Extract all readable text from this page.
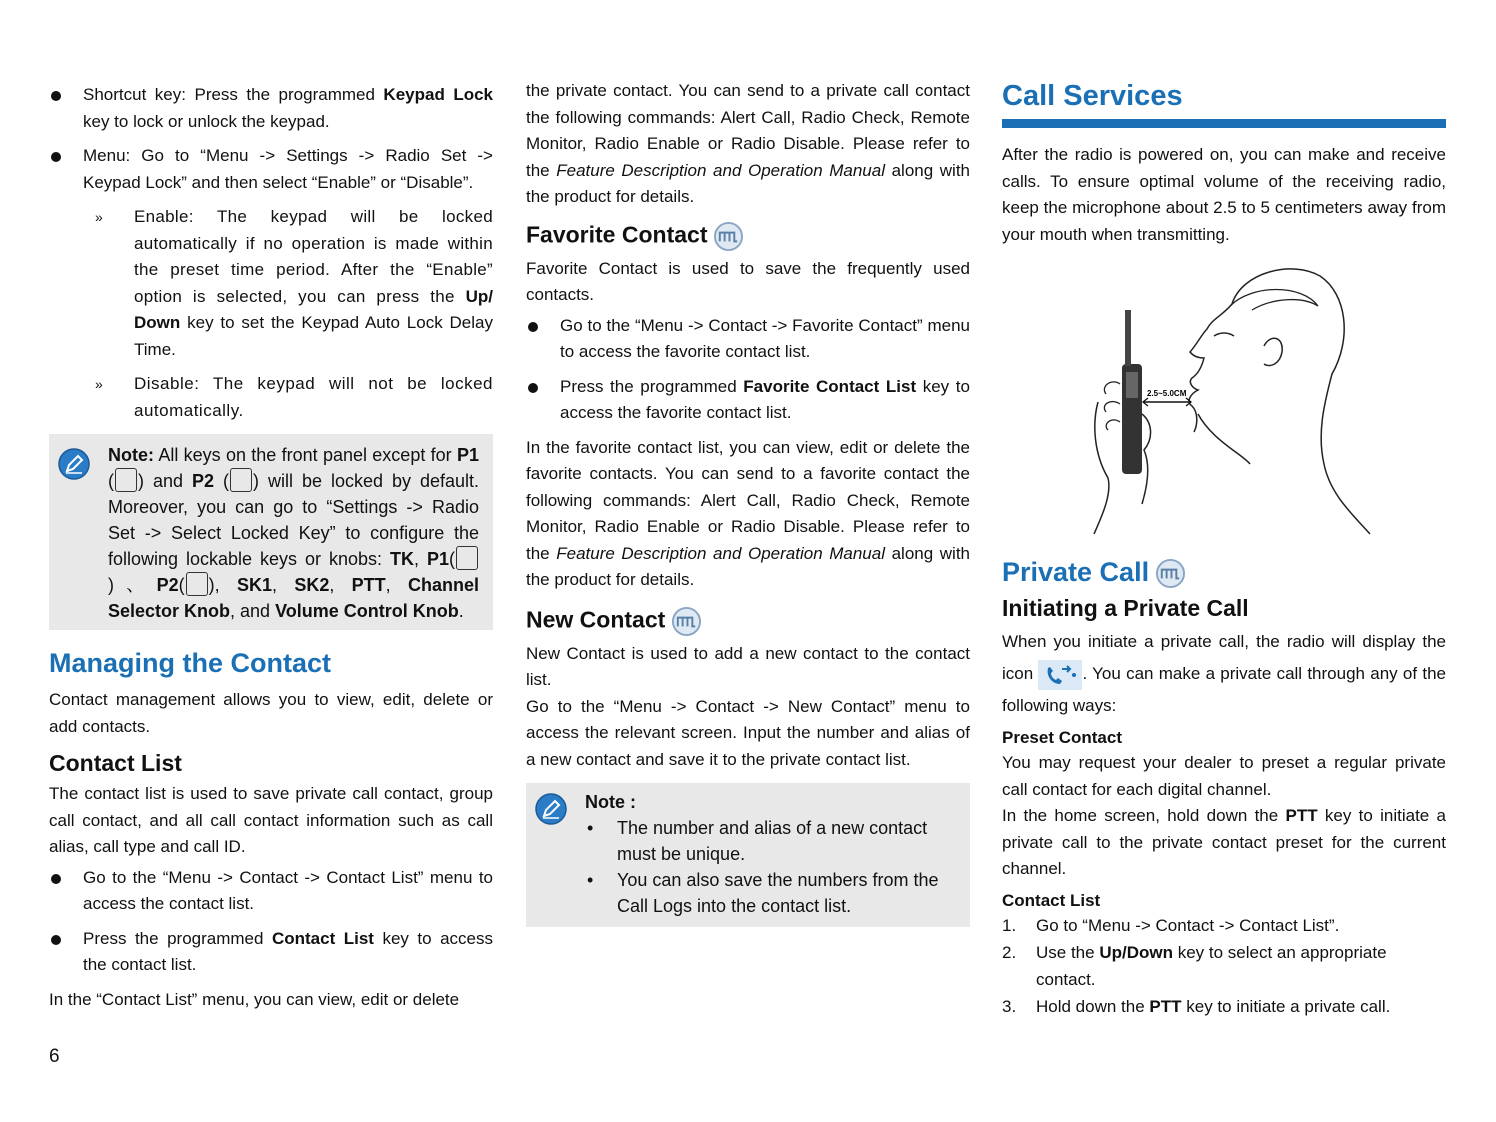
Shortcut key: Press the programmed Keypad Lock key to lock or unlock the keypad.
Menu: Go to “Menu -> Settings -> Radio Set -> Keypad Lock” and then select “Enable” or “Disable”.
» Enable: The keypad will be locked automatically if no operation is made within the preset time period. After the “Enable” option is selected, you can press the Up/ Down key to set the Keypad Auto Lock Delay Time.
» Disable: The keypad will not be locked automatically.

Note: All keys on the front panel except for P1 ( ) and P2 ( ) will be locked by default. Moreover, you can go to “Settings -> Radio Set -> Select Locked Key” to configure the following lockable keys or knobs: TK, P1()、P2( ), SK1, SK2, PTT, Channel Selector Knob, and Volume Control Knob.

Managing the Contact

Contact management allows you to view, edit, delete or add contacts.

Contact List

The contact list is used to save private call contact, group call contact, and all call contact information such as call alias, call type and call ID.

Go to the “Menu -> Contact -> Contact List” menu to access the contact list.
Press the programmed Contact List key to access the contact list.

In the “Contact List” menu, you can view, edit or delete

the private contact. You can send to a private call contact the following commands: Alert Call, Radio Check, Remote Monitor, Radio Enable or Radio Disable. Please refer to the Feature Description and Operation Manual along with the product for details.

Favorite Contact

Favorite Contact is used to save the frequently used contacts.

Go to the “Menu -> Contact -> Favorite Contact” menu to access the favorite contact list.
Press the programmed Favorite Contact List key to access the favorite contact list.

In the favorite contact list, you can view, edit or delete the favorite contacts. You can send to a favorite contact the following commands: Alert Call, Radio Check, Remote Monitor, Radio Enable or Radio Disable. Please refer to the Feature Description and Operation Manual along with the product for details.

New Contact

New Contact is used to add a new contact to the contact list.

Go to the “Menu -> Contact -> New Contact” menu to access the relevant screen. Input the number and alias of a new contact and save it to the private contact list.

Note :

• The number and alias of a new contact must be unique.
• You can also save the numbers from the Call Logs into the contact list.
Call Services

After the radio is powered on, you can make and receive calls. To ensure optimal volume of the receiving radio, keep the microphone about 2.5 to 5 centimeters away from your mouth when transmitting.

2.5~5.0CM
Private Call
Initiating a Private Call

When you initiate a private call, the radio will display the icon	. You can make a private call through any of the following ways:

Preset Contact

You may request your dealer to preset a regular private call contact for each digital channel.

In the home screen, hold down the PTT key to initiate a private call to the private contact preset for the current channel.

Contact List
1. Go to “Menu -> Contact -> Contact List”.
2. Use the Up/Down key to select an appropriate contact.
3. Hold down the PTT key to initiate a private call.
6
